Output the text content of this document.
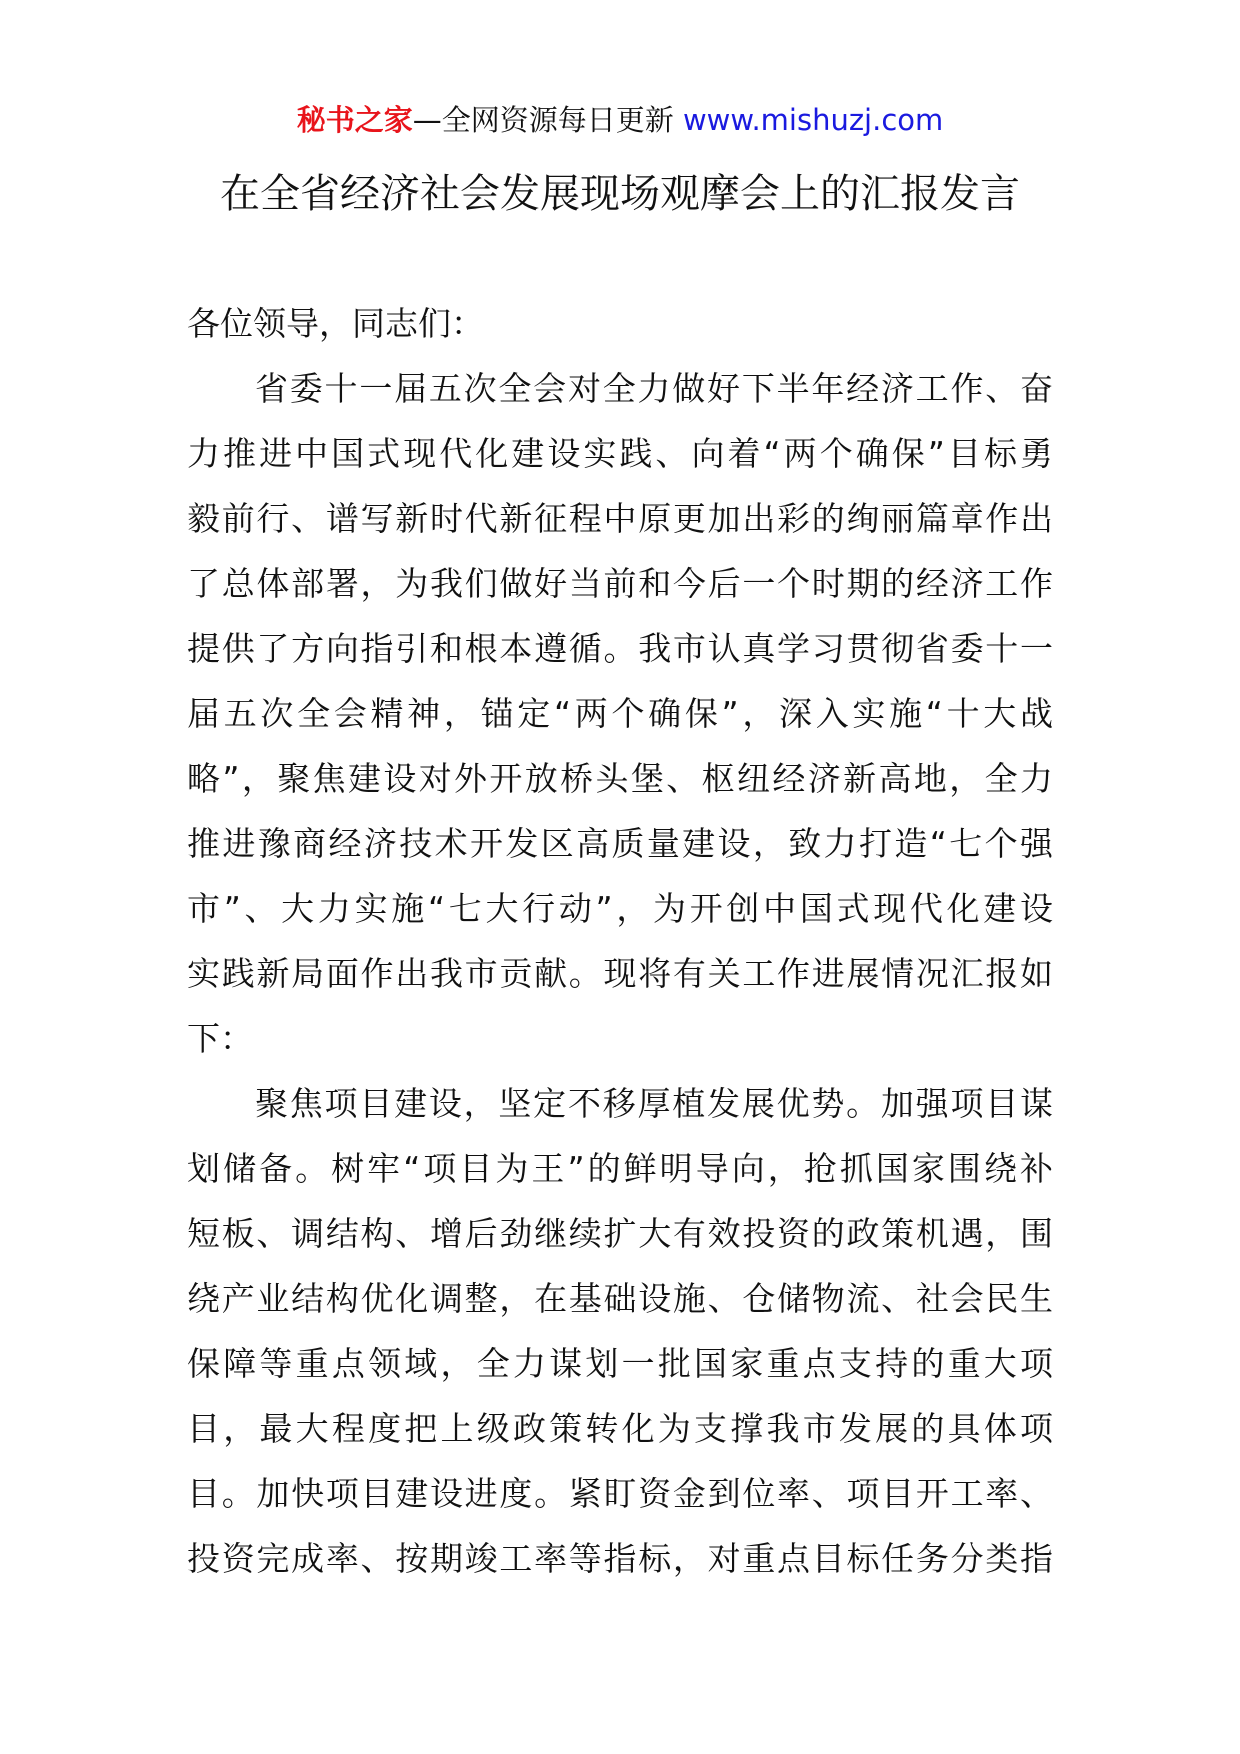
秘书之家—全网资源每日更新 www.mishuzj.com
在全省经济社会发展现场观摩会上的汇报发言

各位领导，同志们：

省委十一届五次全会对全力做好下半年经济工作、奋
力推进中国式现代化建设实践、向着“两个确保”目标勇
毅前行、谱写新时代新征程中原更加出彩的绚丽篇章作出
了总体部署，为我们做好当前和今后一个时期的经济工作
提供了方向指引和根本遵循。我市认真学习贯彻省委十一
届五次全会精神，锚定“两个确保”，深入实施“十大战
略”，聚焦建设对外开放桥头堡、枢纽经济新高地，全力
推进豫商经济技术开发区高质量建设，致力打造“七个强
市”、大力实施“七大行动”，为开创中国式现代化建设
实践新局面作出我市贡献。现将有关工作进展情况汇报如
下：

聚焦项目建设，坚定不移厚植发展优势。加强项目谋
划储备。树牢“项目为王”的鲜明导向，抢抓国家围绕补
短板、调结构、增后劲继续扩大有效投资的政策机遇，围
绕产业结构优化调整，在基础设施、仓储物流、社会民生
保障等重点领域，全力谋划一批国家重点支持的重大项
目，最大程度把上级政策转化为支撑我市发展的具体项
目。加快项目建设进度。紧盯资金到位率、项目开工率、
投资完成率、按期竣工率等指标，对重点目标任务分类指
